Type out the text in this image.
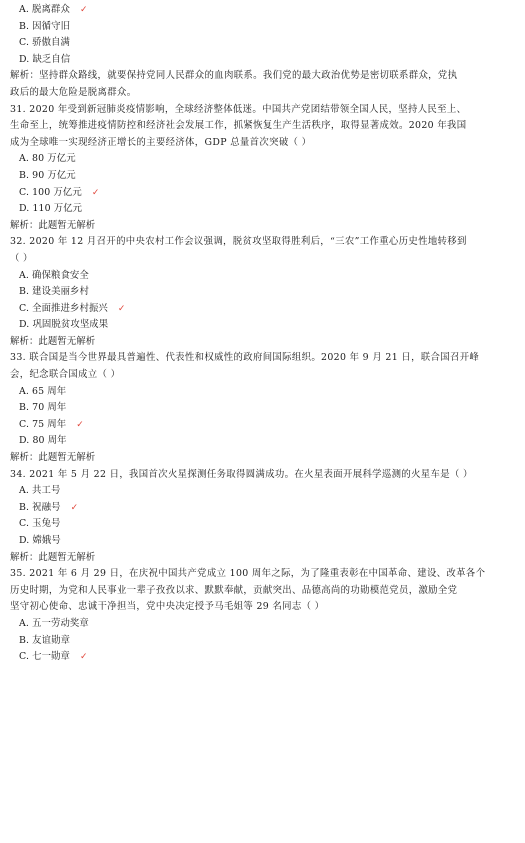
A. 脱离群众 ✓
B. 因循守旧
C. 骄傲自满
D. 缺乏自信
解析：坚持群众路线，就要保持党同人民群众的血肉联系。我们党的最大政治优势是密切联系群众，党执
政后的最大危险是脱离群众。
31. 2020 年受到新冠肺炎疫情影响，全球经济整体低迷。中国共产党团结带领全国人民，坚持人民至上、
生命至上，统筹推进疫情防控和经济社会发展工作，抓紧恢复生产生活秩序，取得显著成效。2020 年我国
成为全球唯一实现经济正增长的主要经济体，GDP 总量首次突破（ ）
A. 80 万亿元
B. 90 万亿元
C. 100 万亿元 ✓
D. 110 万亿元
解析：此题暂无解析
32. 2020 年 12 月召开的中央农村工作会议强调，脱贫攻坚取得胜利后，“三农”工作重心历史性地转移到
（ ）
A. 确保粮食安全
B. 建设美丽乡村
C. 全面推进乡村振兴 ✓
D. 巩固脱贫攻坚成果
解析：此题暂无解析
33. 联合国是当今世界最具普遍性、代表性和权威性的政府间国际组织。2020 年 9 月 21 日，联合国召开峰
会，纪念联合国成立（ ）
A. 65 周年
B. 70 周年
C. 75 周年 ✓
D. 80 周年
解析：此题暂无解析
34. 2021 年 5 月 22 日，我国首次火星探测任务取得圆满成功。在火星表面开展科学巡测的火星车是（ ）
A. 共工号
B. 祝融号 ✓
C. 玉兔号
D. 嫦娥号
解析：此题暂无解析
35. 2021 年 6 月 29 日，在庆祝中国共产党成立 100 周年之际，为了隆重表彰在中国革命、建设、改革各个
历史时期，为党和人民事业一辈子孜孜以求、默默奉献，贡献突出、品德高尚的功勋模范党员，激励全党
坚守初心使命、忠诚干净担当，党中央决定授予马毛姐等 29 名同志（ ）
A. 五一劳动奖章
B. 友谊勋章
C. 七一勋章 ✓
